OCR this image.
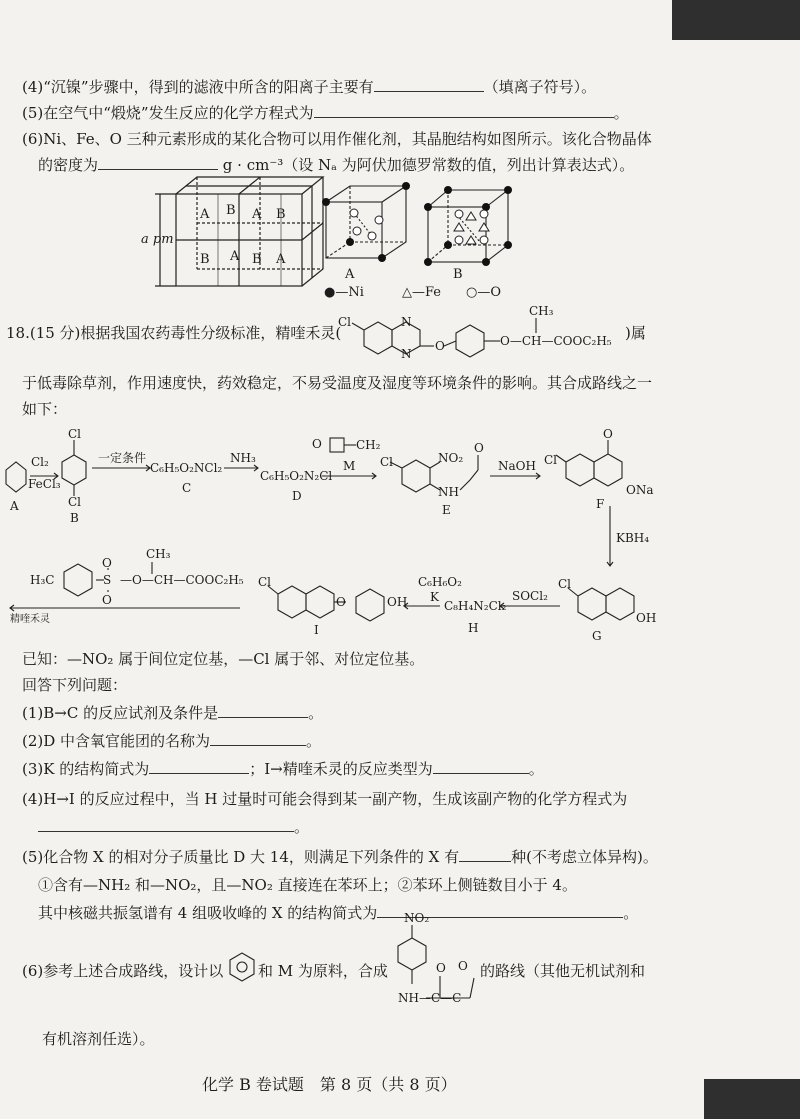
(4)“沉镍”步骤中，得到的滤液中所含的阳离子主要有	（填离子符号）。
(5)在空气中“煅烧”发生反应的化学方程式为	。
(6)Ni、Fe、O 三种元素形成的某化合物可以用作催化剂，其晶胞结构如图所示。该化合物晶体
的密度为	g · cm⁻³（设 Nₐ 为阿伏加德罗常数的值，列出计算表达式）。
a pm
A B A B
B A B A
A	B
●—Ni	△—Fe ○—O
18.(15 分)根据我国农药毒性分级标准，精喹禾灵(
Cl	N
N
O	O—CH—COOC₂H₅
CH₃
)属
于低毒除草剂，作用速度快，药效稳定，不易受温度及湿度等环境条件的影响。其合成路线之一
如下：
A
Cl₂
FeCl₃
Cl
Cl
B
一定条件
C₆H₅O₂NCl₂
C
NH₃
C₆H₅O₂N₂Cl
D
O	CH₂
M Cl	NO₂
NH
O
E
NaOH Cl
O
ONa
F
KBH₄
Cl
OH
G
SOCl₂
C₈H₄N₂Cl₂
H
C₆H₆O₂
K
Cl
O	OH
I
H₃C	S
O
O
—O—CH—COOC₂H₅
CH₃
精喹禾灵
已知：—NO₂ 属于间位定位基，—Cl 属于邻、对位定位基。
回答下列问题：
(1)B→C 的反应试剂及条件是	。
(2)D 中含氧官能团的名称为	。
(3)K 的结构简式为	；I→精喹禾灵的反应类型为	。
(4)H→I 的反应过程中，当 H 过量时可能会得到某一副产物，生成该副产物的化学方程式为
。
(5)化合物 X 的相对分子质量比 D 大 14，则满足下列条件的 X 有	种(不考虑立体异构)。
①含有—NH₂ 和—NO₂，且—NO₂ 直接连在苯环上；②苯环上侧链数目小于 4。
其中核磁共振氢谱有 4 组吸收峰的 X 的结构简式为	。
(6)参考上述合成路线，设计以
NO₂
NH—C—C
O O
和 M 为原料，合成	的路线（其他无机试剂和
有机溶剂任选）。
化学 B 卷试题　第 8 页（共 8 页）
